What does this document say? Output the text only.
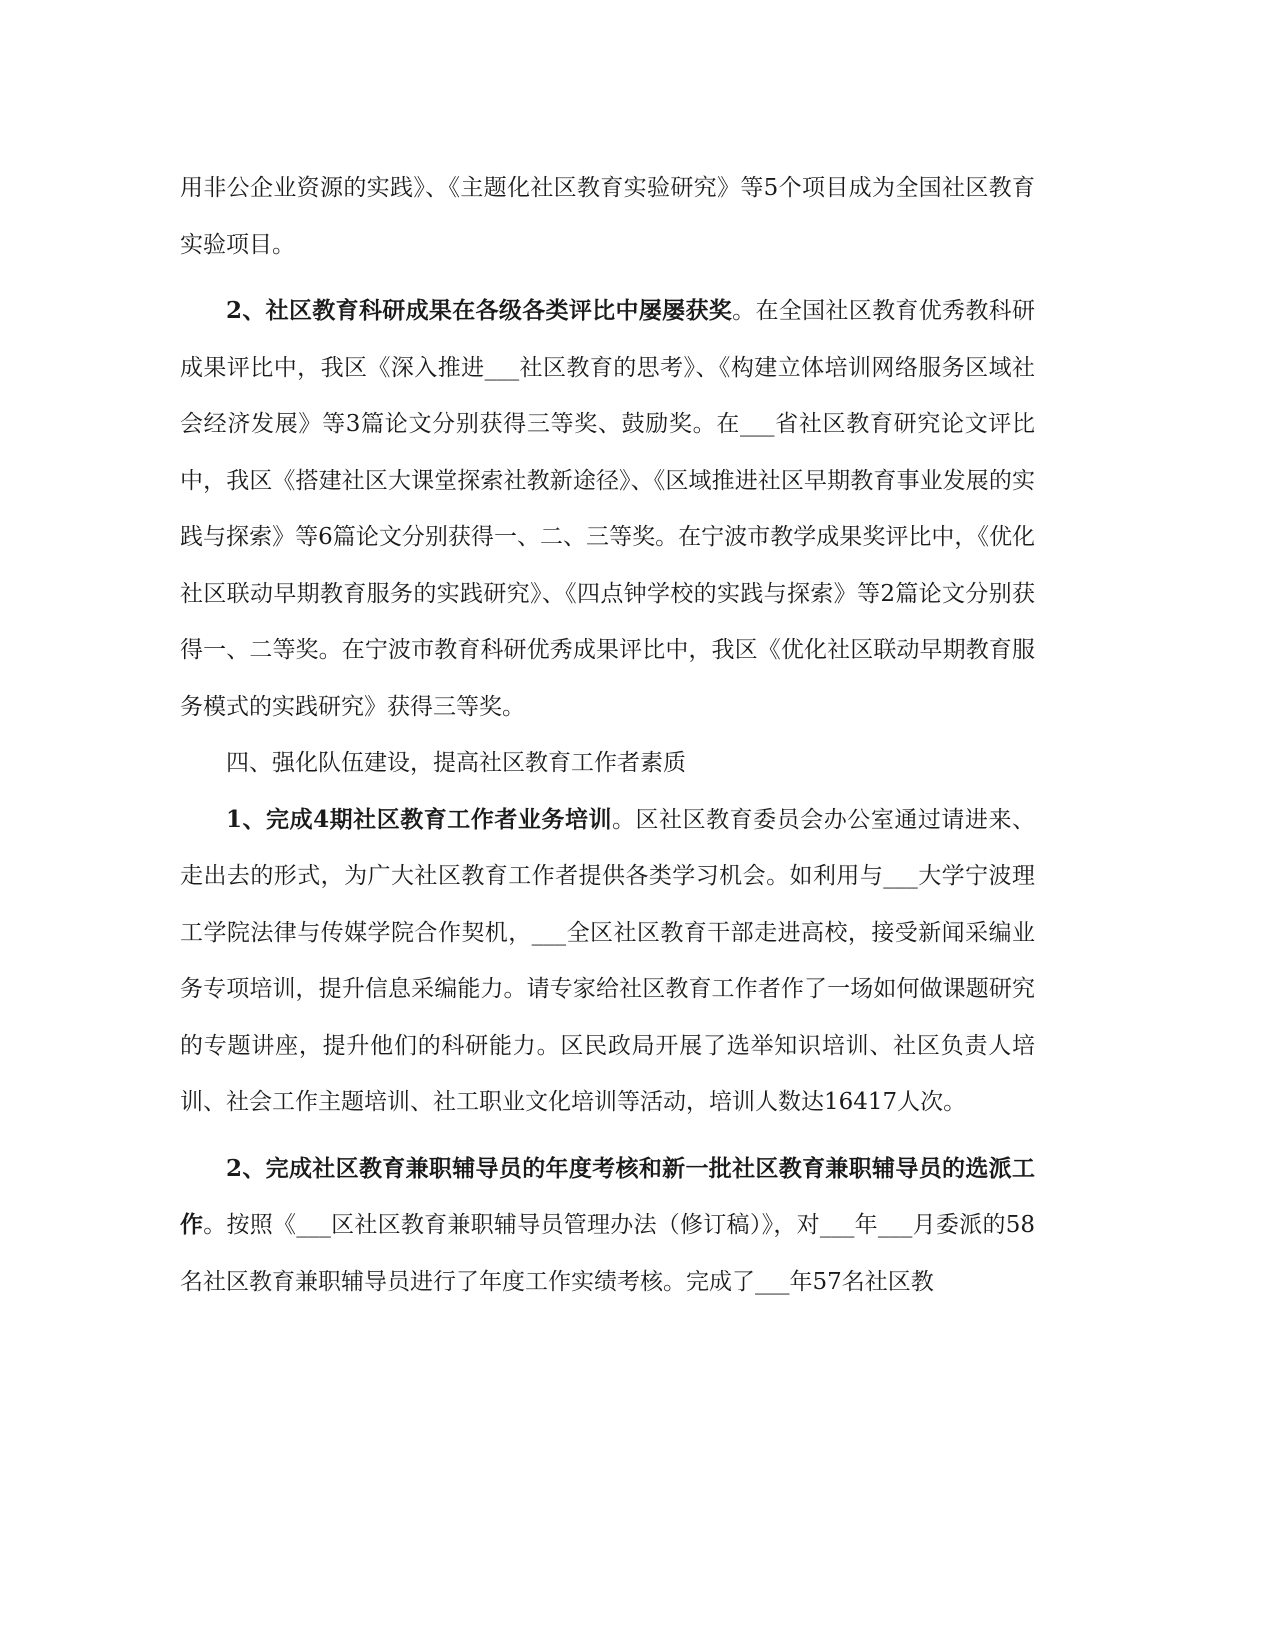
用非公企业资源的实践》、《主题化社区教育实验研究》等5个项目成为全国社区教育实验项目。

2、社区教育科研成果在各级各类评比中屡屡获奖。在全国社区教育优秀教科研成果评比中，我区《深入推进___社区教育的思考》、《构建立体培训网络服务区域社会经济发展》等3篇论文分别获得三等奖、鼓励奖。在___省社区教育研究论文评比中，我区《搭建社区大课堂探索社教新途径》、《区域推进社区早期教育事业发展的实践与探索》等6篇论文分别获得一、二、三等奖。在宁波市教学成果奖评比中，《优化社区联动早期教育服务的实践研究》、《四点钟学校的实践与探索》等2篇论文分别获得一、二等奖。在宁波市教育科研优秀成果评比中，我区《优化社区联动早期教育服务模式的实践研究》获得三等奖。

四、强化队伍建设，提高社区教育工作者素质

1、完成4期社区教育工作者业务培训。区社区教育委员会办公室通过请进来、走出去的形式，为广大社区教育工作者提供各类学习机会。如利用与___大学宁波理工学院法律与传媒学院合作契机，___全区社区教育干部走进高校，接受新闻采编业务专项培训，提升信息采编能力。请专家给社区教育工作者作了一场如何做课题研究的专题讲座，提升他们的科研能力。区民政局开展了选举知识培训、社区负责人培训、社会工作主题培训、社工职业文化培训等活动，培训人数达16417人次。

2、完成社区教育兼职辅导员的年度考核和新一批社区教育兼职辅导员的选派工作。按照《___区社区教育兼职辅导员管理办法（修订稿）》，对___年___月委派的58名社区教育兼职辅导员进行了年度工作实绩考核。完成了___年57名社区教
